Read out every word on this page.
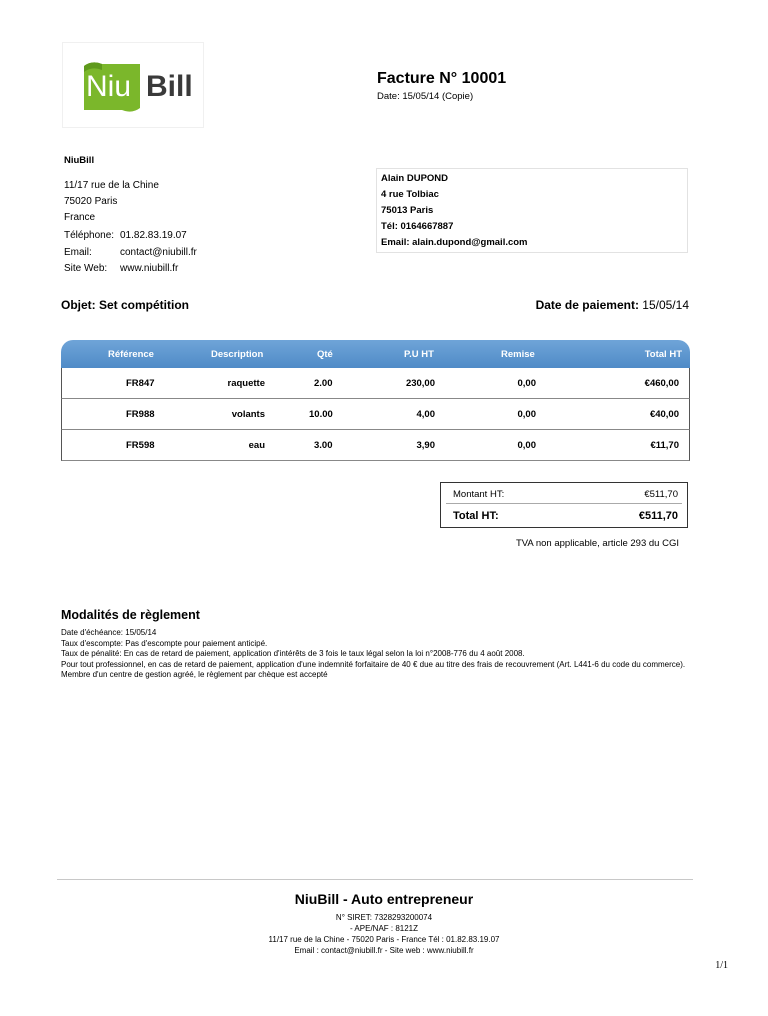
Niu Bill	Facture N° 10001
Date: 15/05/14 (Copie)
NiuBill
11/17 rue de la Chine
75020 Paris
France
Téléphone: 01.82.83.19.07
Email:	contact@niubill.fr
Site Web: www.niubill.fr
Alain DUPOND
4 rue Tolbiac
75013 Paris
Tél: 0164667887
Email: alain.dupond@gmail.com
Objet: Set compétition	Date de paiement: 15/05/14
Référence	Description	Qté	P.U HT	Remise	Total HT
FR847	raquette	2.00	230,00	0,00	€460,00
FR988	volants	10.00	4,00	0,00	€40,00
FR598	eau	3.00	3,90	0,00	€11,70
Montant HT:	€511,70
Total HT:	€511,70
TVA non applicable, article 293 du CGI
Modalités de règlement
Date d'échéance: 15/05/14
Taux d'escompte: Pas d'escompte pour paiement anticipé.
Taux de pénalité: En cas de retard de paiement, application d'intérêts de 3 fois le taux légal selon la loi n°2008-776 du 4 août 2008.
Pour tout professionnel, en cas de retard de paiement, application d'une indemnité forfaitaire de 40 € due au titre des frais de recouvrement (Art. L441-6 du code du commerce).
Membre d'un centre de gestion agréé, le règlement par chèque est accepté
NiuBill - Auto entrepreneur
N° SIRET: 7328293200074
- APE/NAF : 8121Z
11/17 rue de la Chine - 75020 Paris - France Tél : 01.82.83.19.07
Email : contact@niubill.fr - Site web : www.niubill.fr
1/1
